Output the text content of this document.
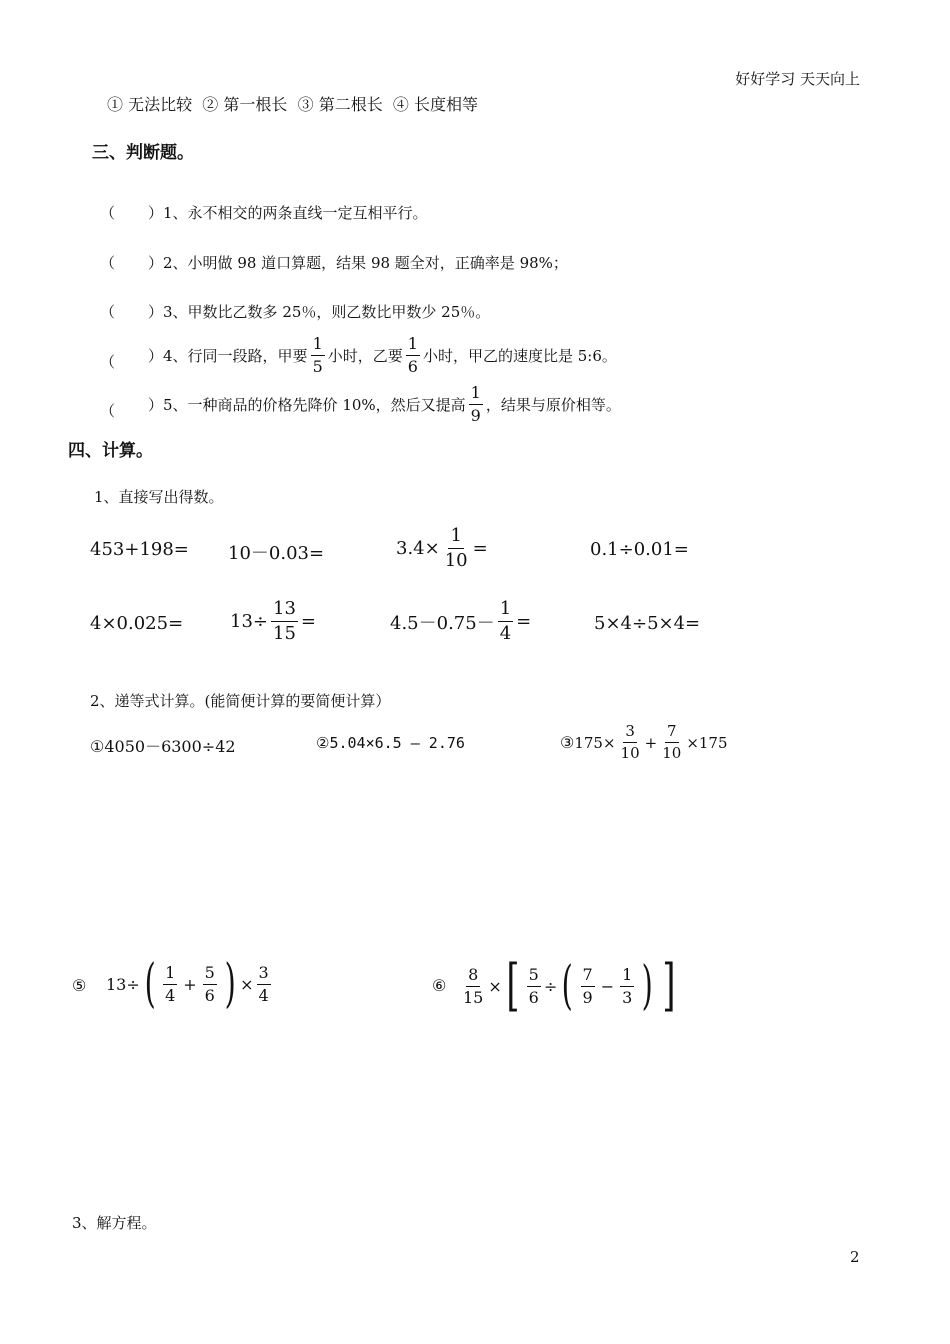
好好学习 天天向上
① 无法比较 ② 第一根长 ③ 第二根长 ④ 长度相等
三、判断题。
（ ）1、永不相交的两条直线一定互相平行。
（ ）2、小明做 98 道口算题，结果 98 题全对，正确率是 98%；
（ ）3、甲数比乙数多 25％，则乙数比甲数少 25％。
（ ） 4、行同一段路，甲要 $\frac{1}{5}$ 小时，乙要 $\frac{1}{6}$ 小时，甲乙的速度比是 5:6。
（ ） 5、一种商品的价格先降价 10%，然后又提高 $\frac{1}{9}$ ，结果与原价相等。
四、计算。
1、直接写出得数。
453+198= 10－0.03=	$3.4\times \frac{1}{10}$ =	0.1÷0.01=
4×0.025=	$13\div \frac{13}{15}$ =	$4.5-0.75- \frac{1}{4}$ =	5×4÷5×4=
2、递等式计算。(能简便计算的要简便计算）
①4050－6300÷42	②5.04×6.5 – 2.76	③ $175\times \frac{3}{10} + \frac{7}{10} \times 175$
⑤ 13÷ ( $\frac{1}{4} + \frac{5}{6}$ ) × $\frac{3}{4}$	⑥ $\frac{8}{15}$ × [ $\frac{5}{6}$ ÷ ( $\frac{7}{9} - \frac{1}{3}$ ) ]
3、解方程。
2
